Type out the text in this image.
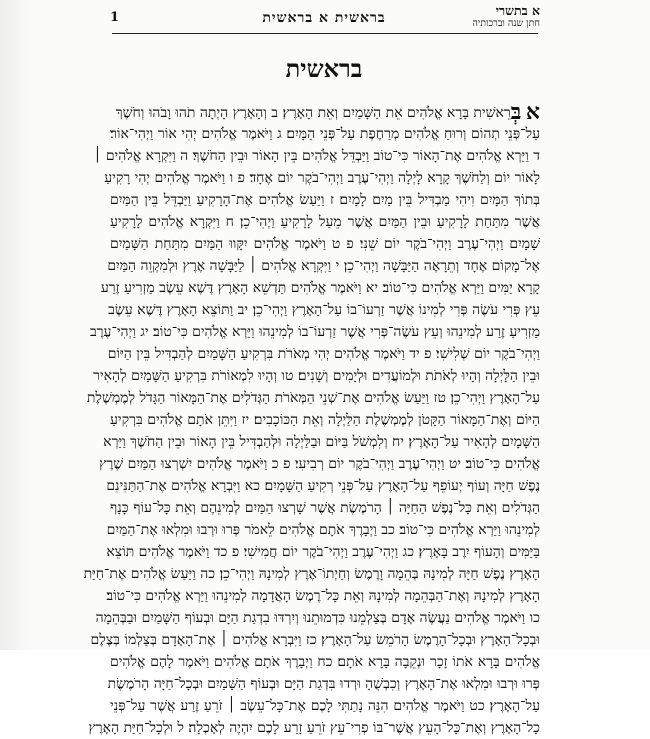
א בתשרי
חתן שנה וברכותיה
בראשית א בראשית
1
בראשית
א בְּרֵאשִׁית בָּרָא אֱלֹהִים אֵת הַשָּׁמַיִם וְאֵת הָאָרֶץ׃ ב וְהָאָרֶץ הָיְתָה תֹהוּ וָבֹהוּ וְחֹשֶׁךְ
עַל־פְּנֵי תְהוֹם וְרוּחַ אֱלֹהִים מְרַחֶפֶת עַל־פְּנֵי הַמָּיִם׃ ג וַיֹּאמֶר אֱלֹהִים יְהִי אוֹר וַיְהִי־אוֹר׃
ד וַיַּרְא אֱלֹהִים אֶת־הָאוֹר כִּי־טוֹב וַיַּבְדֵּל אֱלֹהִים בֵּין הָאוֹר וּבֵין הַחֹשֶׁךְ׃ ה וַיִּקְרָא אֱלֹהִים ׀
לָאוֹר יוֹם וְלַחֹשֶׁךְ קָרָא לָיְלָה וַיְהִי־עֶרֶב וַיְהִי־בֹקֶר יוֹם אֶחָד׃ פ ו וַיֹּאמֶר אֱלֹהִים יְהִי רָקִיעַ
בְּתוֹךְ הַמָּיִם וִיהִי מַבְדִּיל בֵּין מַיִם לָמָיִם׃ ז וַיַּעַשׂ אֱלֹהִים אֶת־הָרָקִיעַ וַיַּבְדֵּל בֵּין הַמַּיִם
אֲשֶׁר מִתַּחַת לָרָקִיעַ וּבֵין הַמַּיִם אֲשֶׁר מֵעַל לָרָקִיעַ וַיְהִי־כֵן׃ ח וַיִּקְרָא אֱלֹהִים לָרָקִיעַ
שָׁמָיִם וַיְהִי־עֶרֶב וַיְהִי־בֹקֶר יוֹם שֵׁנִי׃ פ ט וַיֹּאמֶר אֱלֹהִים יִקָּווּ הַמַּיִם מִתַּחַת הַשָּׁמַיִם
אֶל־מָקוֹם אֶחָד וְתֵרָאֶה הַיַּבָּשָׁה וַיְהִי־כֵן׃ י וַיִּקְרָא אֱלֹהִים ׀ לַיַּבָּשָׁה אֶרֶץ וּלְמִקְוֵה הַמַּיִם
קָרָא יַמִּים וַיַּרְא אֱלֹהִים כִּי־טוֹב׃ יא וַיֹּאמֶר אֱלֹהִים תַּדְשֵׁא הָאָרֶץ דֶּשֶׁא עֵשֶׂב מַזְרִיעַ זֶרַע
עֵץ פְּרִי עֹשֶׂה פְּרִי לְמִינוֹ אֲשֶׁר זַרְעוֹ־בוֹ עַל־הָאָרֶץ וַיְהִי־כֵן׃ יב וַתּוֹצֵא הָאָרֶץ דֶּשֶׁא עֵשֶׂב
מַזְרִיעַ זֶרַע לְמִינֵהוּ וְעֵץ עֹשֶׂה־פְּרִי אֲשֶׁר זַרְעוֹ־בוֹ לְמִינֵהוּ וַיַּרְא אֱלֹהִים כִּי־טוֹב׃ יג וַיְהִי־עֶרֶב
וַיְהִי־בֹקֶר יוֹם שְׁלִישִׁי׃ פ יד וַיֹּאמֶר אֱלֹהִים יְהִי מְאֹרֹת בִּרְקִיעַ הַשָּׁמַיִם לְהַבְדִּיל בֵּין הַיּוֹם
וּבֵין הַלָּיְלָה וְהָיוּ לְאֹתֹת וּלְמוֹעֲדִים וּלְיָמִים וְשָׁנִים׃ טו וְהָיוּ לִמְאוֹרֹת בִּרְקִיעַ הַשָּׁמַיִם לְהָאִיר
עַל־הָאָרֶץ וַיְהִי־כֵן׃ טז וַיַּעַשׂ אֱלֹהִים אֶת־שְׁנֵי הַמְּאֹרֹת הַגְּדֹלִים אֶת־הַמָּאוֹר הַגָּדֹל לְמֶמְשֶׁלֶת
הַיּוֹם וְאֶת־הַמָּאוֹר הַקָּטֹן לְמֶמְשֶׁלֶת הַלַּיְלָה וְאֵת הַכּוֹכָבִים׃ יז וַיִּתֵּן אֹתָם אֱלֹהִים בִּרְקִיעַ
הַשָּׁמָיִם לְהָאִיר עַל־הָאָרֶץ׃ יח וְלִמְשֹׁל בַּיּוֹם וּבַלַּיְלָה וּלְהַבְדִּיל בֵּין הָאוֹר וּבֵין הַחֹשֶׁךְ וַיַּרְא
אֱלֹהִים כִּי־טוֹב׃ יט וַיְהִי־עֶרֶב וַיְהִי־בֹקֶר יוֹם רְבִיעִי׃ פ כ וַיֹּאמֶר אֱלֹהִים יִשְׁרְצוּ הַמַּיִם שֶׁרֶץ
נֶפֶשׁ חַיָּה וְעוֹף יְעוֹפֵף עַל־הָאָרֶץ עַל־פְּנֵי רְקִיעַ הַשָּׁמָיִם׃ כא וַיִּבְרָא אֱלֹהִים אֶת־הַתַּנִּינִם
הַגְּדֹלִים וְאֵת כָּל־נֶפֶשׁ הַחַיָּה ׀ הָרֹמֶשֶׂת אֲשֶׁר שָׁרְצוּ הַמַּיִם לְמִינֵהֶם וְאֵת כָּל־עוֹף כָּנָף
לְמִינֵהוּ וַיַּרְא אֱלֹהִים כִּי־טוֹב׃ כב וַיְבָרֶךְ אֹתָם אֱלֹהִים לֵאמֹר פְּרוּ וּרְבוּ וּמִלְאוּ אֶת־הַמַּיִם
בַּיַּמִּים וְהָעוֹף יִרֶב בָּאָרֶץ׃ כג וַיְהִי־עֶרֶב וַיְהִי־בֹקֶר יוֹם חֲמִישִׁי׃ פ כד וַיֹּאמֶר אֱלֹהִים תּוֹצֵא
הָאָרֶץ נֶפֶשׁ חַיָּה לְמִינָהּ בְּהֵמָה וָרֶמֶשׂ וְחַיְתוֹ־אֶרֶץ לְמִינָהּ וַיְהִי־כֵן׃ כה וַיַּעַשׂ אֱלֹהִים אֶת־חַיַּת
הָאָרֶץ לְמִינָהּ וְאֶת־הַבְּהֵמָה לְמִינָהּ וְאֵת כָּל־רֶמֶשׂ הָאֲדָמָה לְמִינֵהוּ וַיַּרְא אֱלֹהִים כִּי־טוֹב׃
כו וַיֹּאמֶר אֱלֹהִים נַעֲשֶׂה אָדָם בְּצַלְמֵנוּ כִּדְמוּתֵנוּ וְיִרְדּוּ בִדְגַת הַיָּם וּבְעוֹף הַשָּׁמַיִם וּבַבְּהֵמָה
וּבְכָל־הָאָרֶץ וּבְכָל־הָרֶמֶשׂ הָרֹמֵשׂ עַל־הָאָרֶץ׃ כז וַיִּבְרָא אֱלֹהִים ׀ אֶת־הָאָדָם בְּצַלְמוֹ בְּצֶלֶם
אֱלֹהִים בָּרָא אֹתוֹ זָכָר וּנְקֵבָה בָּרָא אֹתָם׃ כח וַיְבָרֶךְ אֹתָם אֱלֹהִים וַיֹּאמֶר לָהֶם אֱלֹהִים
פְּרוּ וּרְבוּ וּמִלְאוּ אֶת־הָאָרֶץ וְכִבְשֻׁהָ וּרְדוּ בִּדְגַת הַיָּם וּבְעוֹף הַשָּׁמַיִם וּבְכָל־חַיָּה הָרֹמֶשֶׂת
עַל־הָאָרֶץ׃ כט וַיֹּאמֶר אֱלֹהִים הִנֵּה נָתַתִּי לָכֶם אֶת־כָּל־עֵשֶׂב ׀ זֹרֵעַ זֶרַע אֲשֶׁר עַל־פְּנֵי
כָל־הָאָרֶץ וְאֶת־כָּל־הָעֵץ אֲשֶׁר־בּוֹ פְרִי־עֵץ זֹרֵעַ זָרַע לָכֶם יִהְיֶה לְאָכְלָה׃ ל וּלְכָל־חַיַּת הָאָרֶץ
